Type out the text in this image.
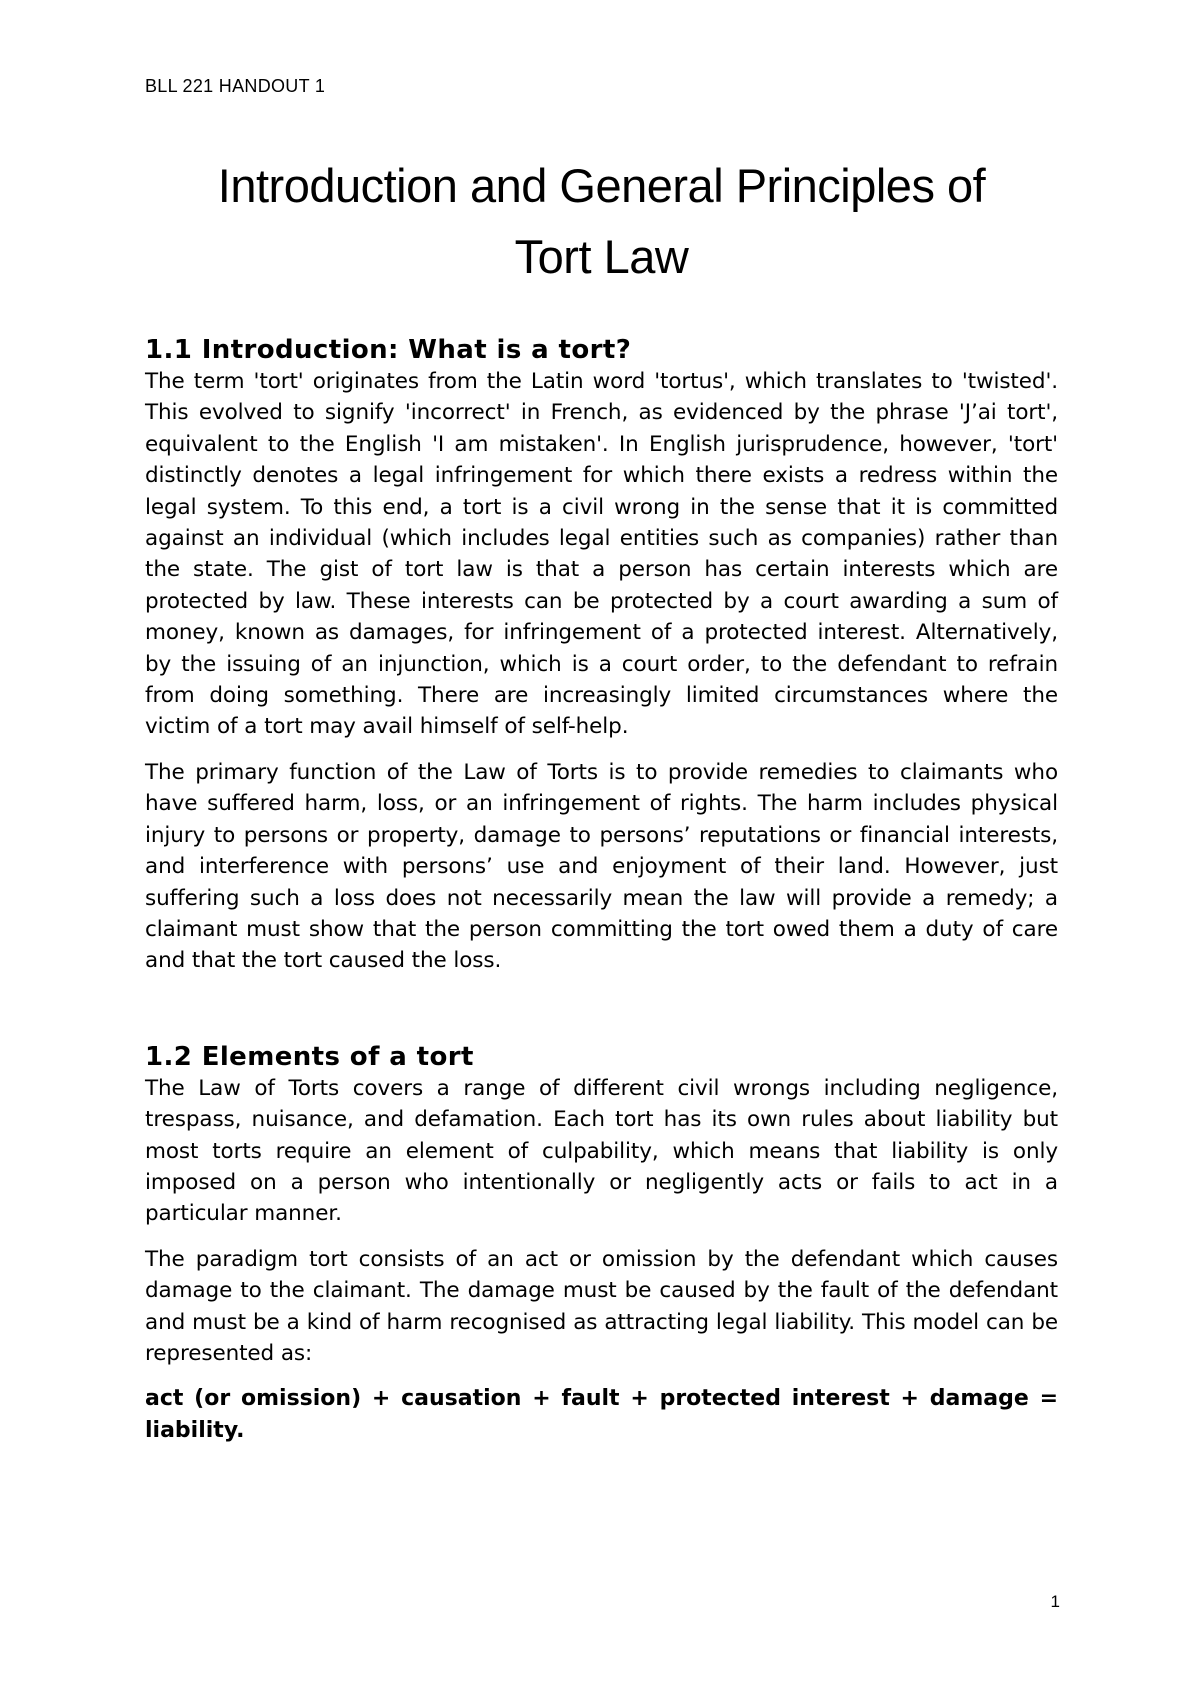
BLL 221 HANDOUT 1
Introduction and General Principles of
Tort Law
1.1 Introduction: What is a tort?

The term 'tort' originates from the Latin word 'tortus', which translates to 'twisted'. This evolved to signify 'incorrect' in French, as evidenced by the phrase 'J’ai tort', equivalent to the English 'I am mistaken'. In English jurisprudence, however, 'tort' distinctly denotes a legal infringement for which there exists a redress within the legal system. To this end, a tort is a civil wrong in the sense that it is committed against an individual (which includes legal entities such as companies) rather than the state. The gist of tort law is that a person has certain interests which are protected by law. These interests can be protected by a court awarding a sum of money, known as damages, for infringement of a protected interest. Alternatively, by the issuing of an injunction, which is a court order, to the defendant to refrain from doing something. There are increasingly limited circumstances where the victim of a tort may avail himself of self-help.

The primary function of the Law of Torts is to provide remedies to claimants who have suffered harm, loss, or an infringement of rights. The harm includes physical injury to persons or property, damage to persons’ reputations or financial interests, and interference with persons’ use and enjoyment of their land. However, just suffering such a loss does not necessarily mean the law will provide a remedy; a claimant must show that the person committing the tort owed them a duty of care and that the tort caused the loss.

1.2 Elements of a tort

The Law of Torts covers a range of different civil wrongs including negligence, trespass, nuisance, and defamation. Each tort has its own rules about liability but most torts require an element of culpability, which means that liability is only imposed on a person who intentionally or negligently acts or fails to act in a particular manner.

The paradigm tort consists of an act or omission by the defendant which causes damage to the claimant. The damage must be caused by the fault of the defendant and must be a kind of harm recognised as attracting legal liability. This model can be represented as:

act (or omission) + causation + fault + protected interest + damage = liability.

1
